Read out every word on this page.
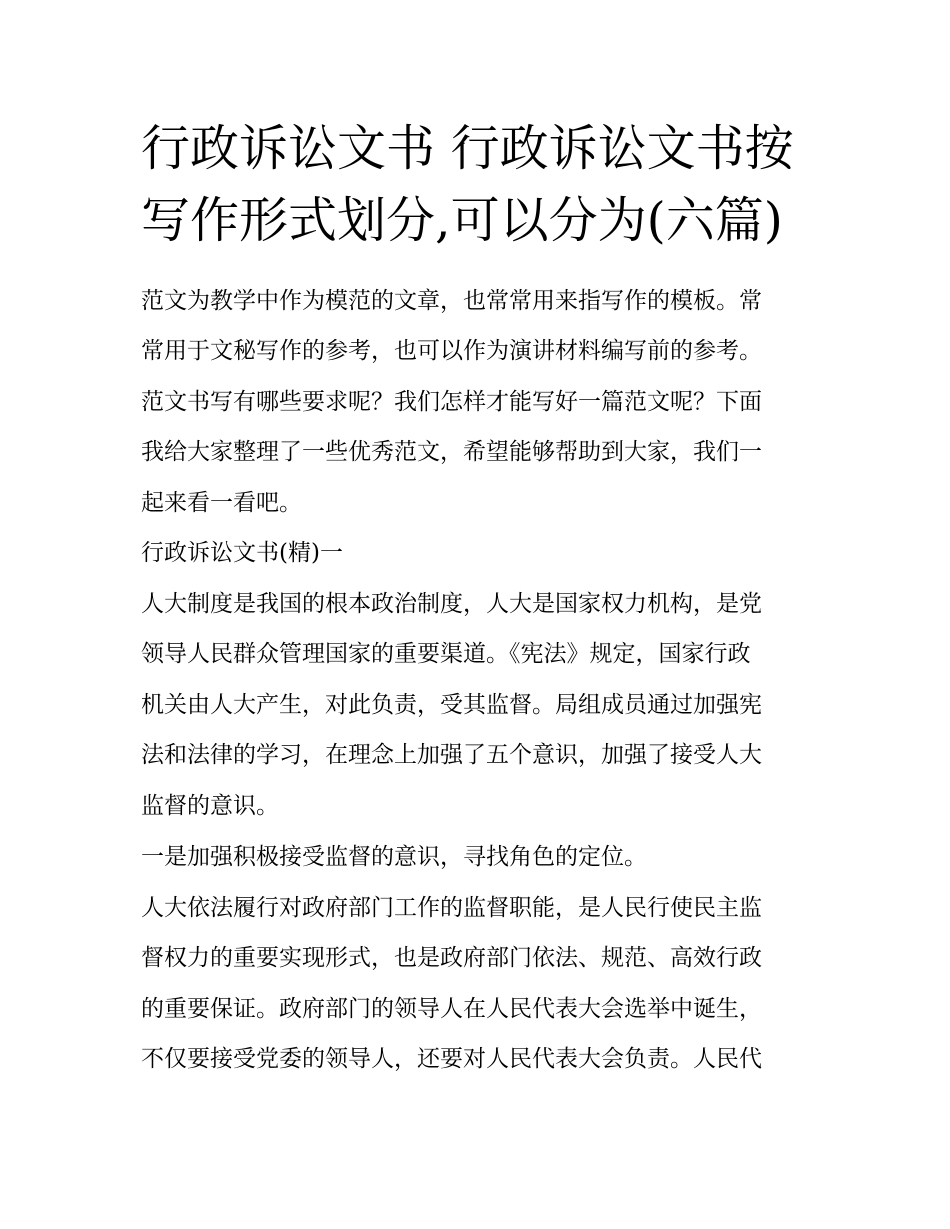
行政诉讼文书 行政诉讼文书按写作形式划分,可以分为(六篇)

范文为教学中作为模范的文章，也常常用来指写作的模板。常

常用于文秘写作的参考，也可以作为演讲材料编写前的参考。

范文书写有哪些要求呢？我们怎样才能写好一篇范文呢？下面

我给大家整理了一些优秀范文，希望能够帮助到大家，我们一

起来看一看吧。

行政诉讼文书(精)一

人大制度是我国的根本政治制度，人大是国家权力机构，是党

领导人民群众管理国家的重要渠道。《宪法》规定，国家行政

机关由人大产生，对此负责，受其监督。局组成员通过加强宪

法和法律的学习，在理念上加强了五个意识，加强了接受人大

监督的意识。

一是加强积极接受监督的意识，寻找角色的定位。

人大依法履行对政府部门工作的监督职能，是人民行使民主监

督权力的重要实现形式，也是政府部门依法、规范、高效行政

的重要保证。政府部门的领导人在人民代表大会选举中诞生，

不仅要接受党委的领导人，还要对人民代表大会负责。人民代
